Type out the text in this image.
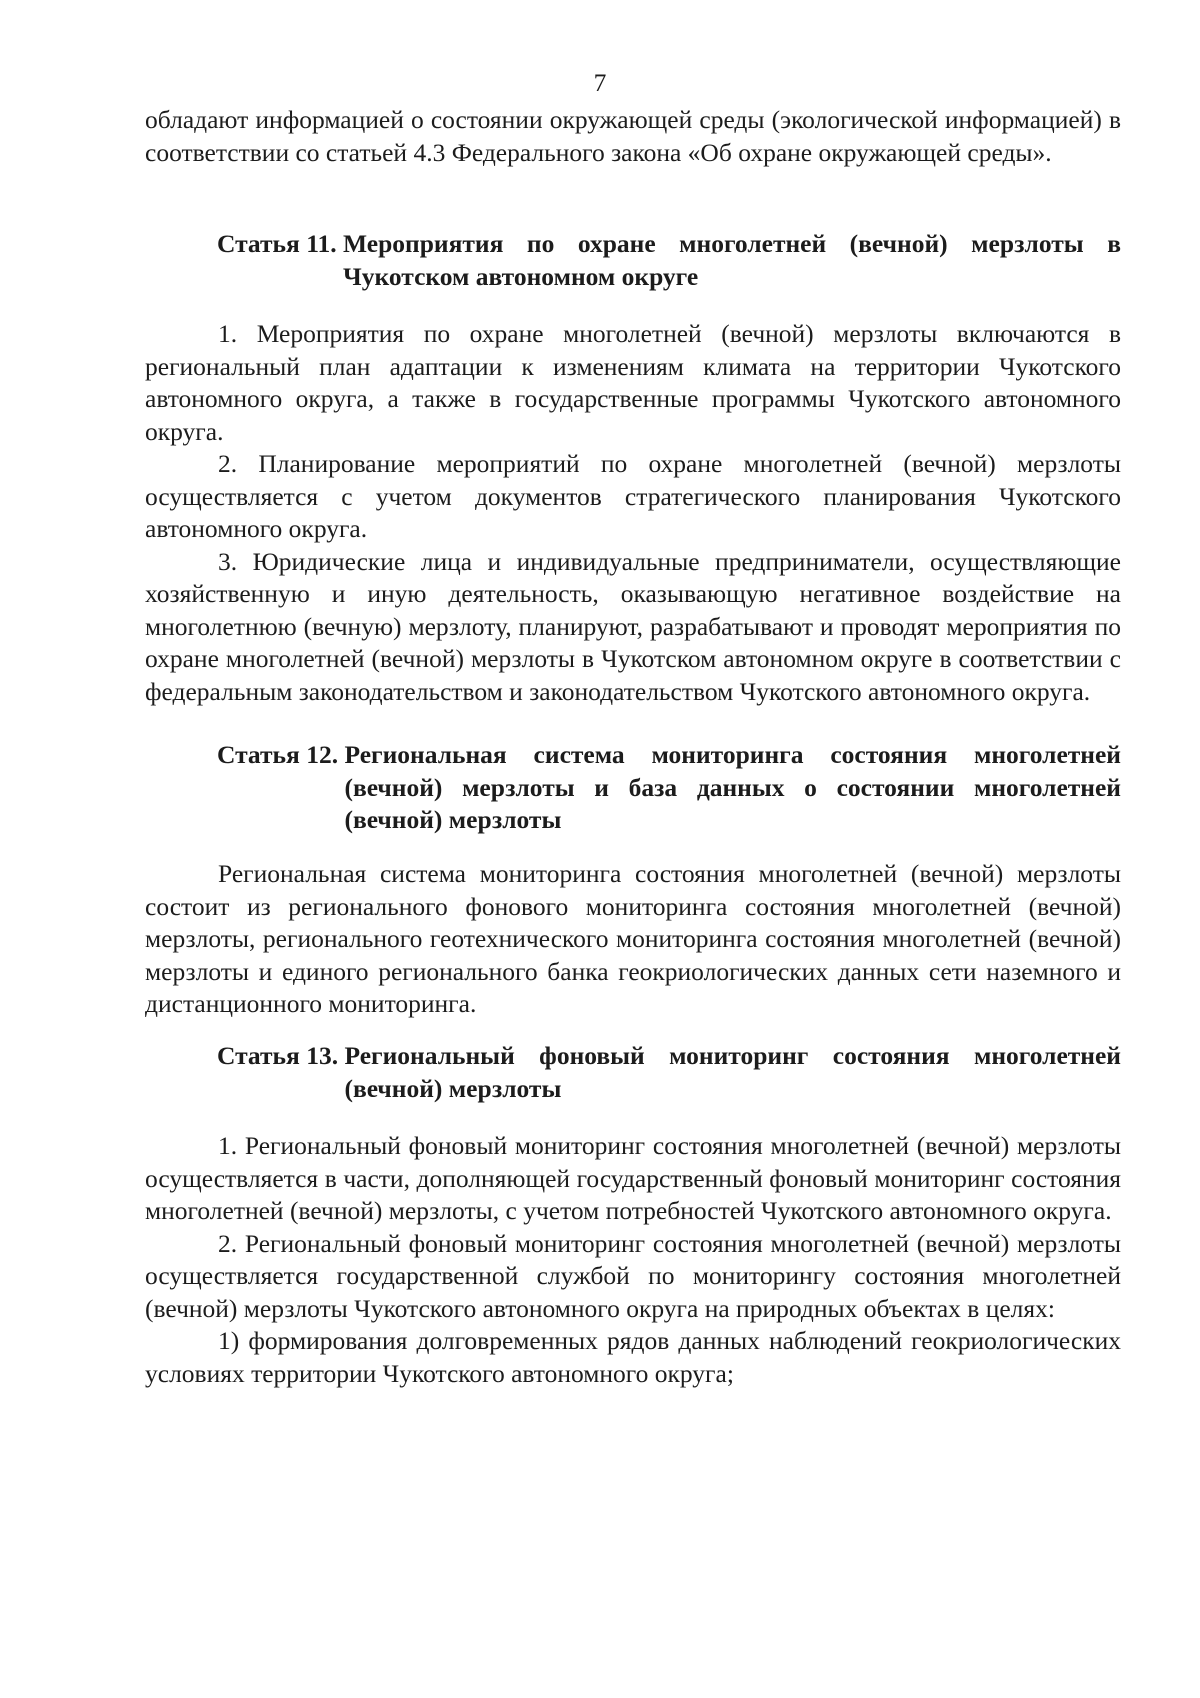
7

обладают информацией о состоянии окружающей среды (экологической информацией) в соответствии со статьей 4.3 Федерального закона «Об охране окружающей среды».

Статья 11. Мероприятия по охране многолетней (вечной) мерзлоты в Чукотском автономном округе

1. Мероприятия по охране многолетней (вечной) мерзлоты включаются в региональный план адаптации к изменениям климата на территории Чукотского автономного округа, а также в государственные программы Чукотского автономного округа.

2. Планирование мероприятий по охране многолетней (вечной) мерзлоты осуществляется с учетом документов стратегического планирования Чукотского автономного округа.

3. Юридические лица и индивидуальные предприниматели, осуществляющие хозяйственную и иную деятельность, оказывающую негативное воздействие на многолетнюю (вечную) мерзлоту, планируют, разрабатывают и проводят мероприятия по охране многолетней (вечной) мерзлоты в Чукотском автономном округе в соответствии с федеральным законодательством и законодательством Чукотского автономного округа.

Статья 12. Региональная система мониторинга состояния многолетней (вечной) мерзлоты и база данных о состоянии многолетней (вечной) мерзлоты

Региональная система мониторинга состояния многолетней (вечной) мерзлоты состоит из регионального фонового мониторинга состояния многолетней (вечной) мерзлоты, регионального геотехнического мониторинга состояния многолетней (вечной) мерзлоты и единого регионального банка геокриологических данных сети наземного и дистанционного мониторинга.

Статья 13. Региональный фоновый мониторинг состояния многолетней (вечной) мерзлоты

1. Региональный фоновый мониторинг состояния многолетней (вечной) мерзлоты осуществляется в части, дополняющей государственный фоновый мониторинг состояния многолетней (вечной) мерзлоты, с учетом потребностей Чукотского автономного округа.

2. Региональный фоновый мониторинг состояния многолетней (вечной) мерзлоты осуществляется государственной службой по мониторингу состояния многолетней (вечной) мерзлоты Чукотского автономного округа на природных объектах в целях:

1) формирования долговременных рядов данных наблюдений геокриологических условиях территории Чукотского автономного округа;
